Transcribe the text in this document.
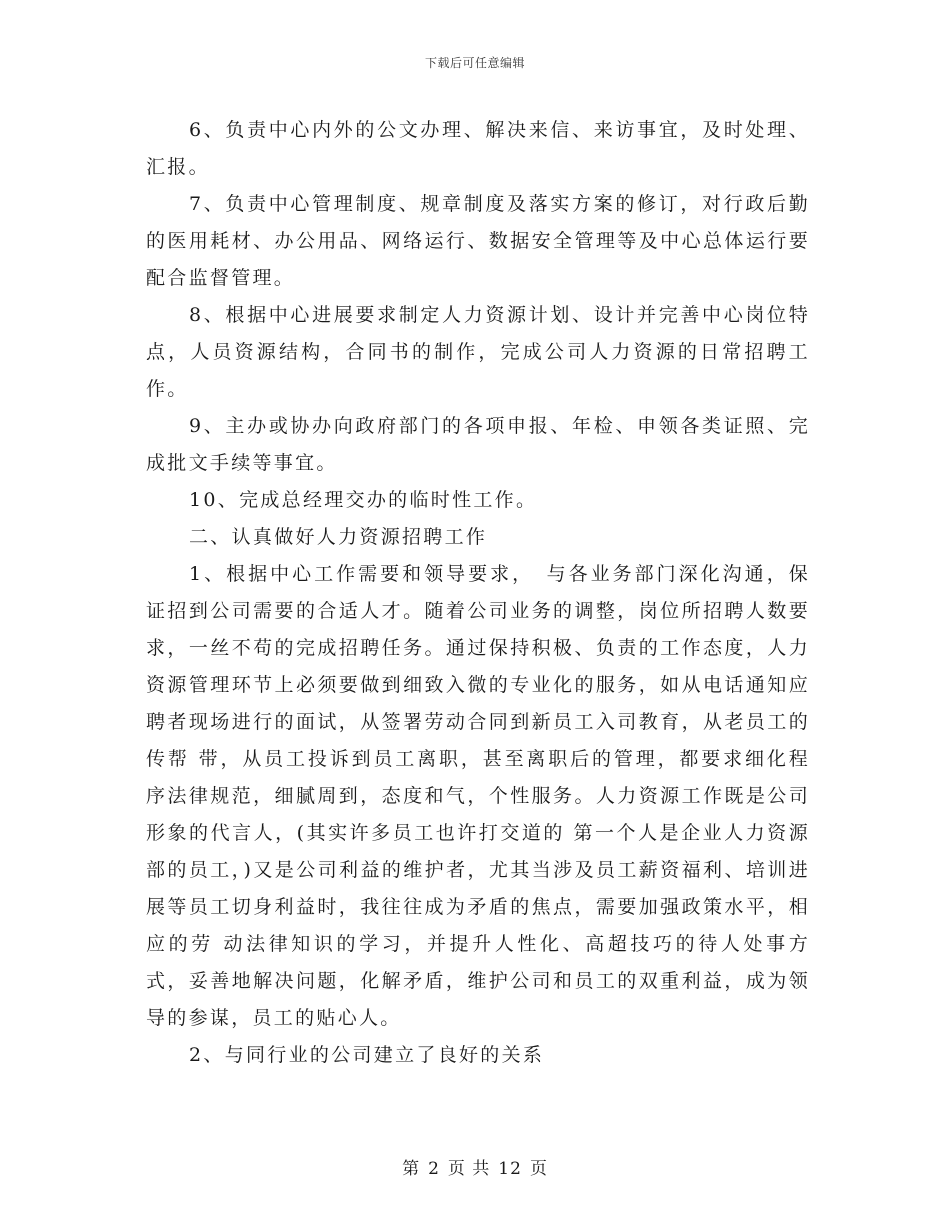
下载后可任意编辑

6、负责中心内外的公文办理、解决来信、来访事宜，及时处理、汇报。

7、负责中心管理制度、规章制度及落实方案的修订，对行政后勤的医用耗材、办公用品、网络运行、数据安全管理等及中心总体运行要配合监督管理。

8、根据中心进展要求制定人力资源计划、设计并完善中心岗位特点，人员资源结构，合同书的制作，完成公司人力资源的日常招聘工作。

9、主办或协办向政府部门的各项申报、年检、申领各类证照、完成批文手续等事宜。

10、完成总经理交办的临时性工作。

二、认真做好人力资源招聘工作

1、根据中心工作需要和领导要求，　与各业务部门深化沟通，保证招到公司需要的合适人才。随着公司业务的调整，岗位所招聘人数要求，一丝不苟的完成招聘任务。通过保持积极、负责的工作态度，人力资源管理环节上必须要做到细致入微的专业化的服务，如从电话通知应聘者现场进行的面试，从签署劳动合同到新员工入司教育，从老员工的传帮 带，从员工投诉到员工离职，甚至离职后的管理，都要求细化程序法律规范，细腻周到，态度和气，个性服务。人力资源工作既是公司形象的代言人，(其实许多员工也许打交道的 第一个人是企业人力资源部的员工，)又是公司利益的维护者，尤其当涉及员工薪资福利、培训进展等员工切身利益时，我往往成为矛盾的焦点，需要加强政策水平，相应的劳 动法律知识的学习，并提升人性化、高超技巧的待人处事方式，妥善地解决问题，化解矛盾，维护公司和员工的双重利益，成为领导的参谋，员工的贴心人。

2、与同行业的公司建立了良好的关系

第 2 页 共 12 页
